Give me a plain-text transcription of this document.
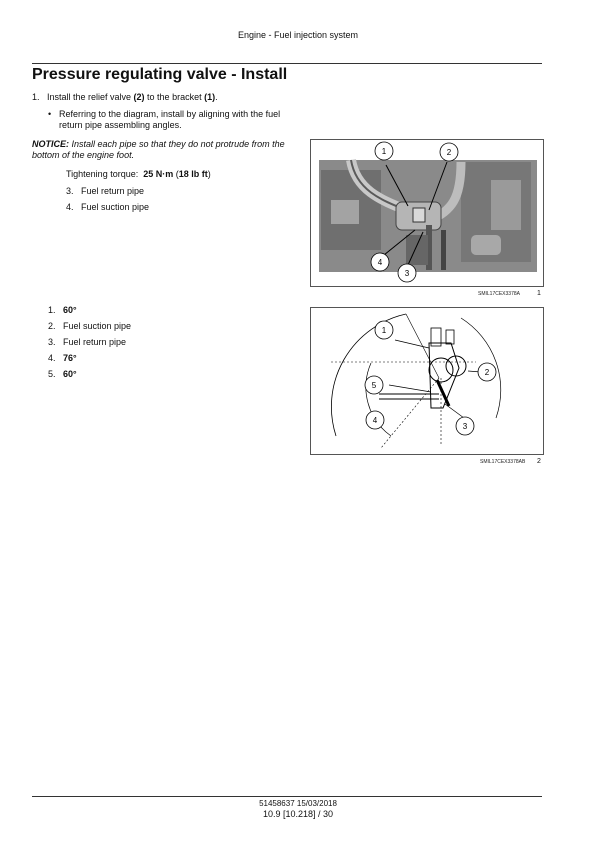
Engine - Fuel injection system
Pressure regulating valve - Install
1. Install the relief valve (2) to the bracket (1).
• Referring to the diagram, install by aligning with the fuel return pipe assembling angles.
NOTICE: Install each pipe so that they do not protrude from the bottom of the engine foot.
Tightening torque: 25 N·m (18 lb ft)
3. Fuel return pipe
4. Fuel suction pipe
1. 60°
2. Fuel suction pipe
3. Fuel return pipe
4. 76°
5. 60°
1	2
3
4
SMIL17CEX3378A 1
1
2
3
4
5
SMIL17CEX3378AB 2
51458637 15/03/2018
10.9 [10.218] / 30
